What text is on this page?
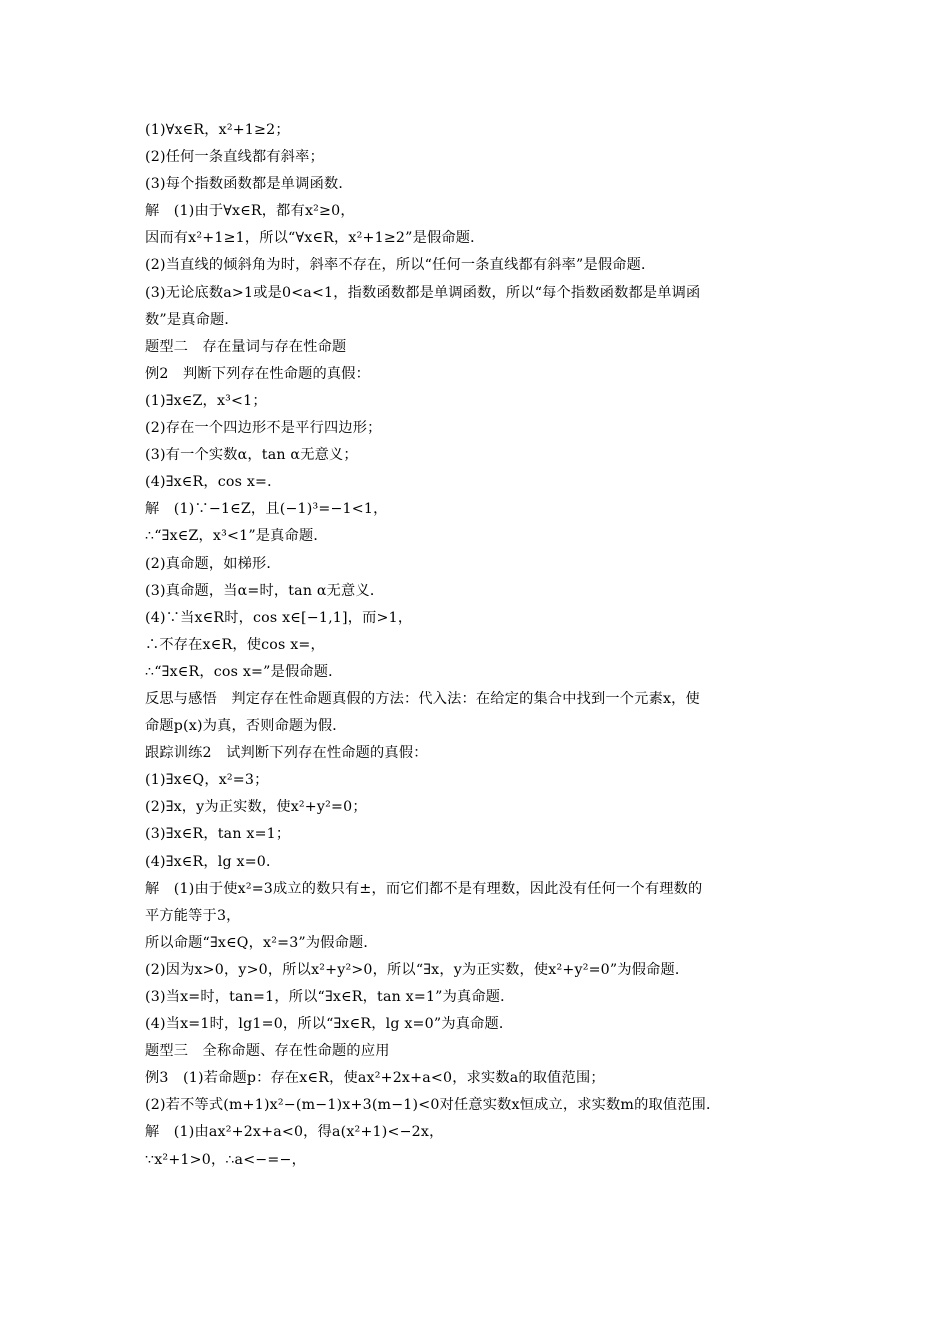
(1)∀x∈R，x²+1≥2；
(2)任何一条直线都有斜率；
(3)每个指数函数都是单调函数．
解　(1)由于∀x∈R，都有x²≥0，
因而有x²+1≥1，所以“∀x∈R，x²+1≥2”是假命题．
(2)当直线的倾斜角为时，斜率不存在，所以“任何一条直线都有斜率”是假命题．
(3)无论底数a>1或是0<a<1，指数函数都是单调函数，所以“每个指数函数都是单调函
数”是真命题．
题型二　存在量词与存在性命题
例2　判断下列存在性命题的真假：
(1)∃x∈Z，x³<1；
(2)存在一个四边形不是平行四边形；
(3)有一个实数α，tan α无意义；
(4)∃x∈R，cos x=．
解　(1)∵−1∈Z，且(−1)³=−1<1，
∴“∃x∈Z，x³<1”是真命题．
(2)真命题，如梯形．
(3)真命题，当α=时，tan α无意义．
(4)∵当x∈R时，cos x∈[−1,1]，而>1，
∴不存在x∈R，使cos x=，
∴“∃x∈R，cos x=”是假命题．
反思与感悟　判定存在性命题真假的方法：代入法：在给定的集合中找到一个元素x，使
命题p(x)为真，否则命题为假．
跟踪训练2　试判断下列存在性命题的真假：
(1)∃x∈Q，x²=3；
(2)∃x，y为正实数，使x²+y²=0；
(3)∃x∈R，tan x=1；
(4)∃x∈R，lg x=0．
解　(1)由于使x²=3成立的数只有±，而它们都不是有理数，因此没有任何一个有理数的
平方能等于3，
所以命题“∃x∈Q，x²=3”为假命题．
(2)因为x>0，y>0，所以x²+y²>0，所以“∃x，y为正实数，使x²+y²=0”为假命题．
(3)当x=时，tan=1，所以“∃x∈R，tan x=1”为真命题．
(4)当x=1时，lg1=0，所以“∃x∈R，lg x=0”为真命题．
题型三　全称命题、存在性命题的应用
例3　(1)若命题p：存在x∈R，使ax²+2x+a<0，求实数a的取值范围；
(2)若不等式(m+1)x²−(m−1)x+3(m−1)<0对任意实数x恒成立，求实数m的取值范围．
解　(1)由ax²+2x+a<0，得a(x²+1)<−2x，
∵x²+1>0，∴a<−=−，
